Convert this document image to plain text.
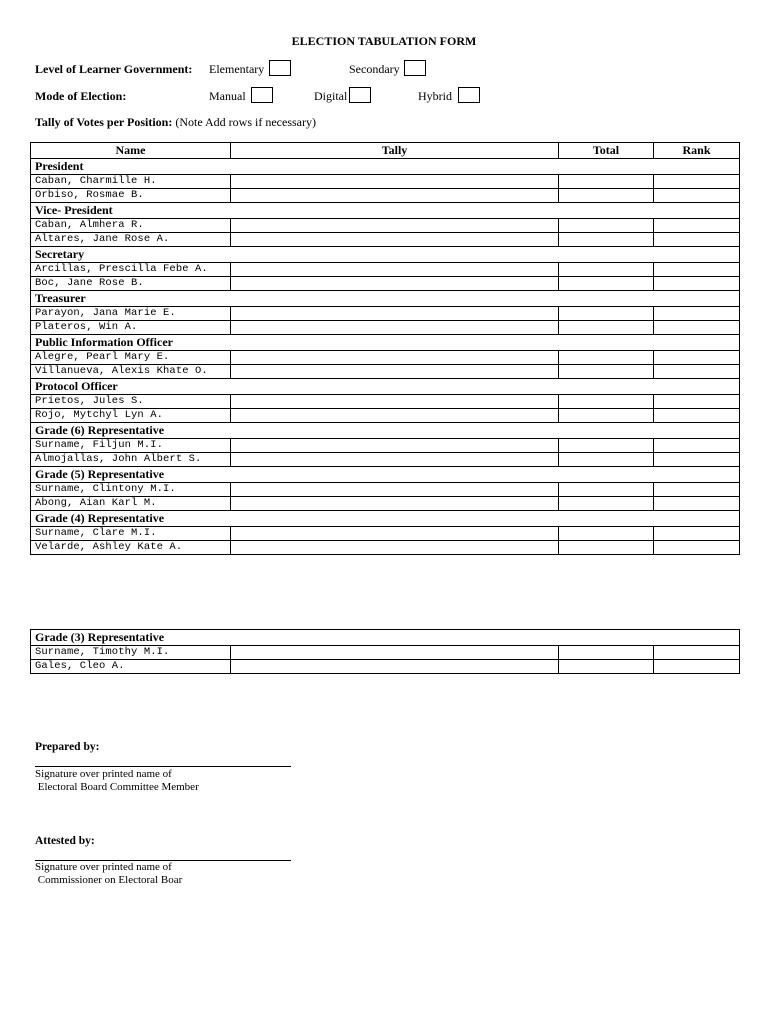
ELECTION TABULATION FORM
Level of Learner Government: Elementary	Secondary
Mode of Election:	Manual	Digital	Hybrid
Tally of Votes per Position: (Note Add rows if necessary)
Name	Tally	Total	Rank
President			
Caban, Charmille H.			
Orbiso, Rosmae B.			
Vice- President			
Caban, Almhera R.			
Altares, Jane Rose A.			
Secretary			
Arcillas, Prescilla Febe A.			
Boc, Jane Rose B.			
Treasurer			
Parayon, Jana Marie E.			
Plateros, Win A.			
Public Information Officer			
Alegre, Pearl Mary E.			
Villanueva, Alexis Khate O.			
Protocol Officer			
Prietos, Jules S.			
Rojo, Mytchyl Lyn A.			
Grade (6) Representative			
Surname, Filjun M.I.			
Almojallas, John Albert S.			
Grade (5) Representative			
Surname, Clintony M.I.			
Abong, Aian Karl M.			
Grade (4) Representative			
Surname, Clare M.I.			
Velarde, Ashley Kate A.			
Grade (3) Representative			
Surname, Timothy M.I.			
Gales, Cleo A.			
Prepared by:
Signature over printed name of
Electoral Board Committee Member
Attested by:
Signature over printed name of
Commissioner on Electoral Boar
